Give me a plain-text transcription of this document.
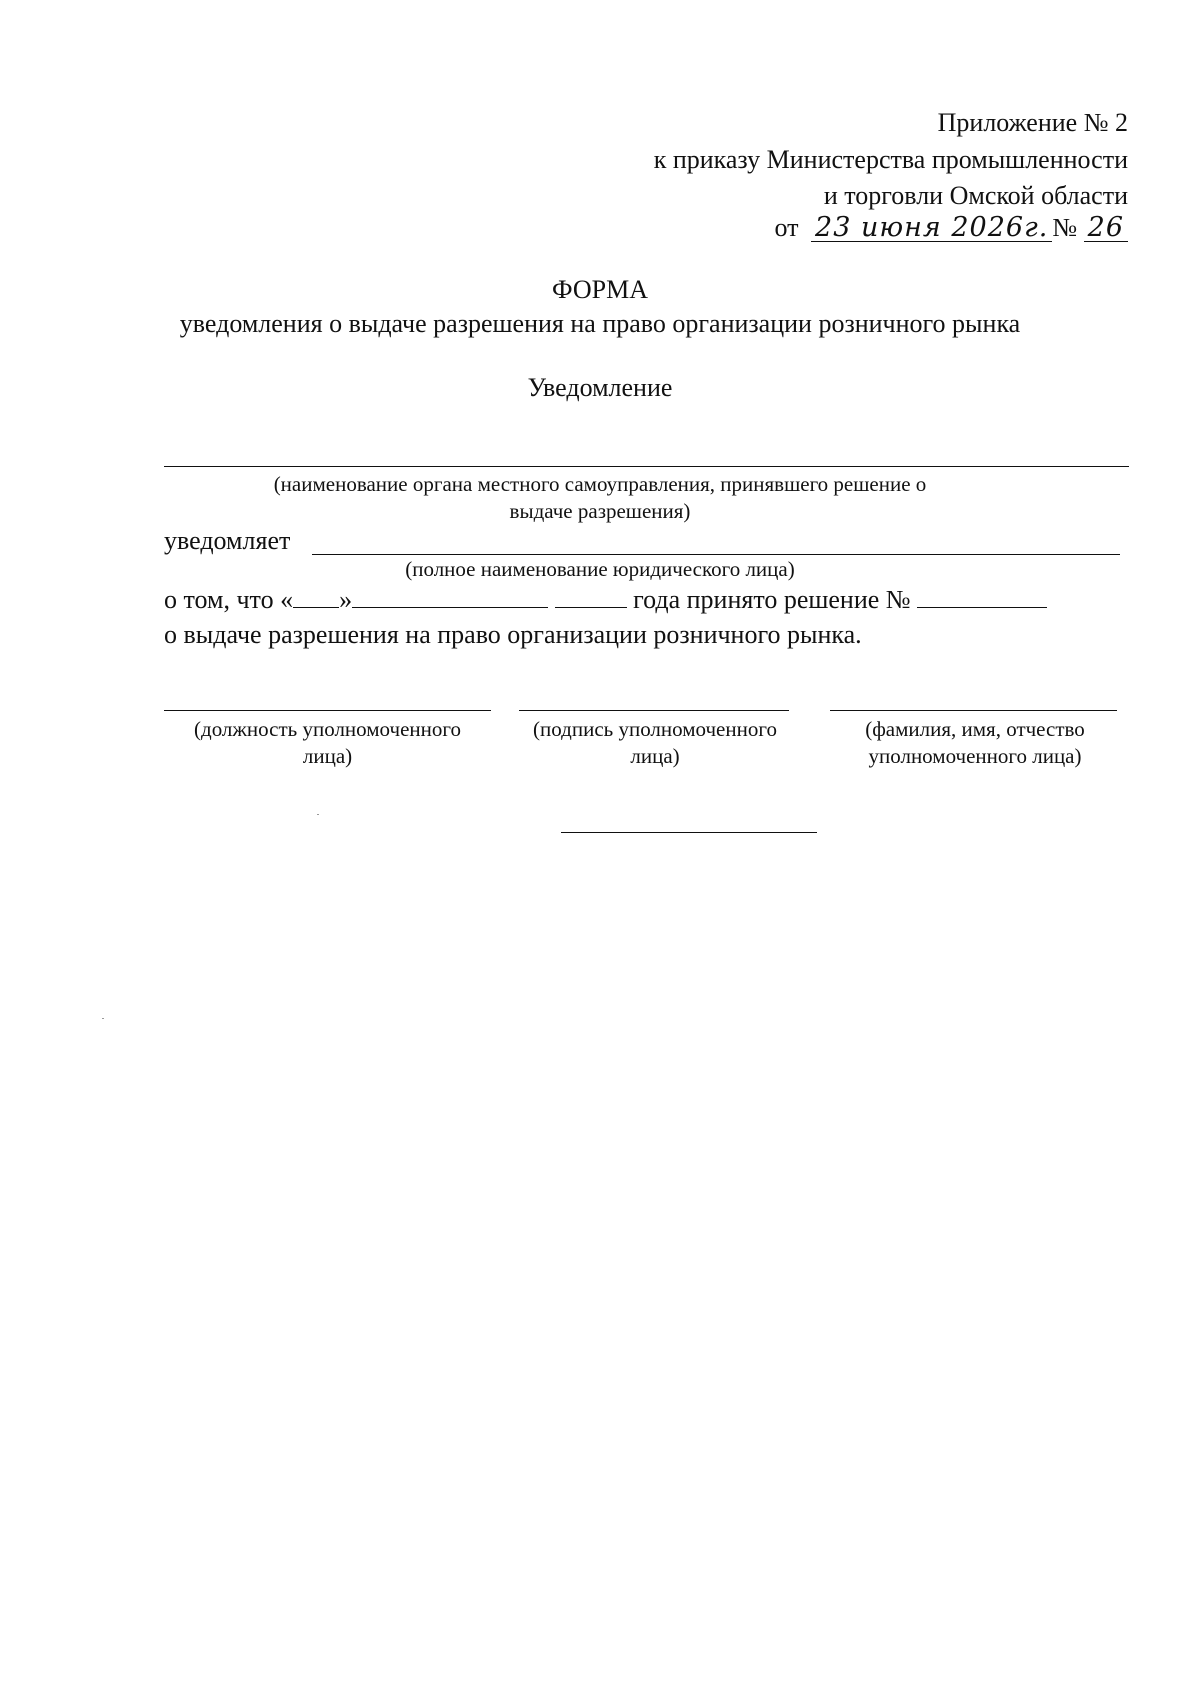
Приложение № 2
к приказу Министерства промышленности
и торговли Омской области
от 23 июня 2026г. № 26
ФОРМА
уведомления о выдаче разрешения на право организации розничного рынка
Уведомление
(наименование органа местного самоуправления, принявшего решение о
выдаче разрешения)
уведомляет
(полное наименование юридического лица)
о том, что « »	года принято решение №
о выдаче разрешения на право организации розничного рынка.
(должность уполномоченного
лица)
(подпись уполномоченного
лица)
(фамилия, имя, отчество
уполномоченного лица)
